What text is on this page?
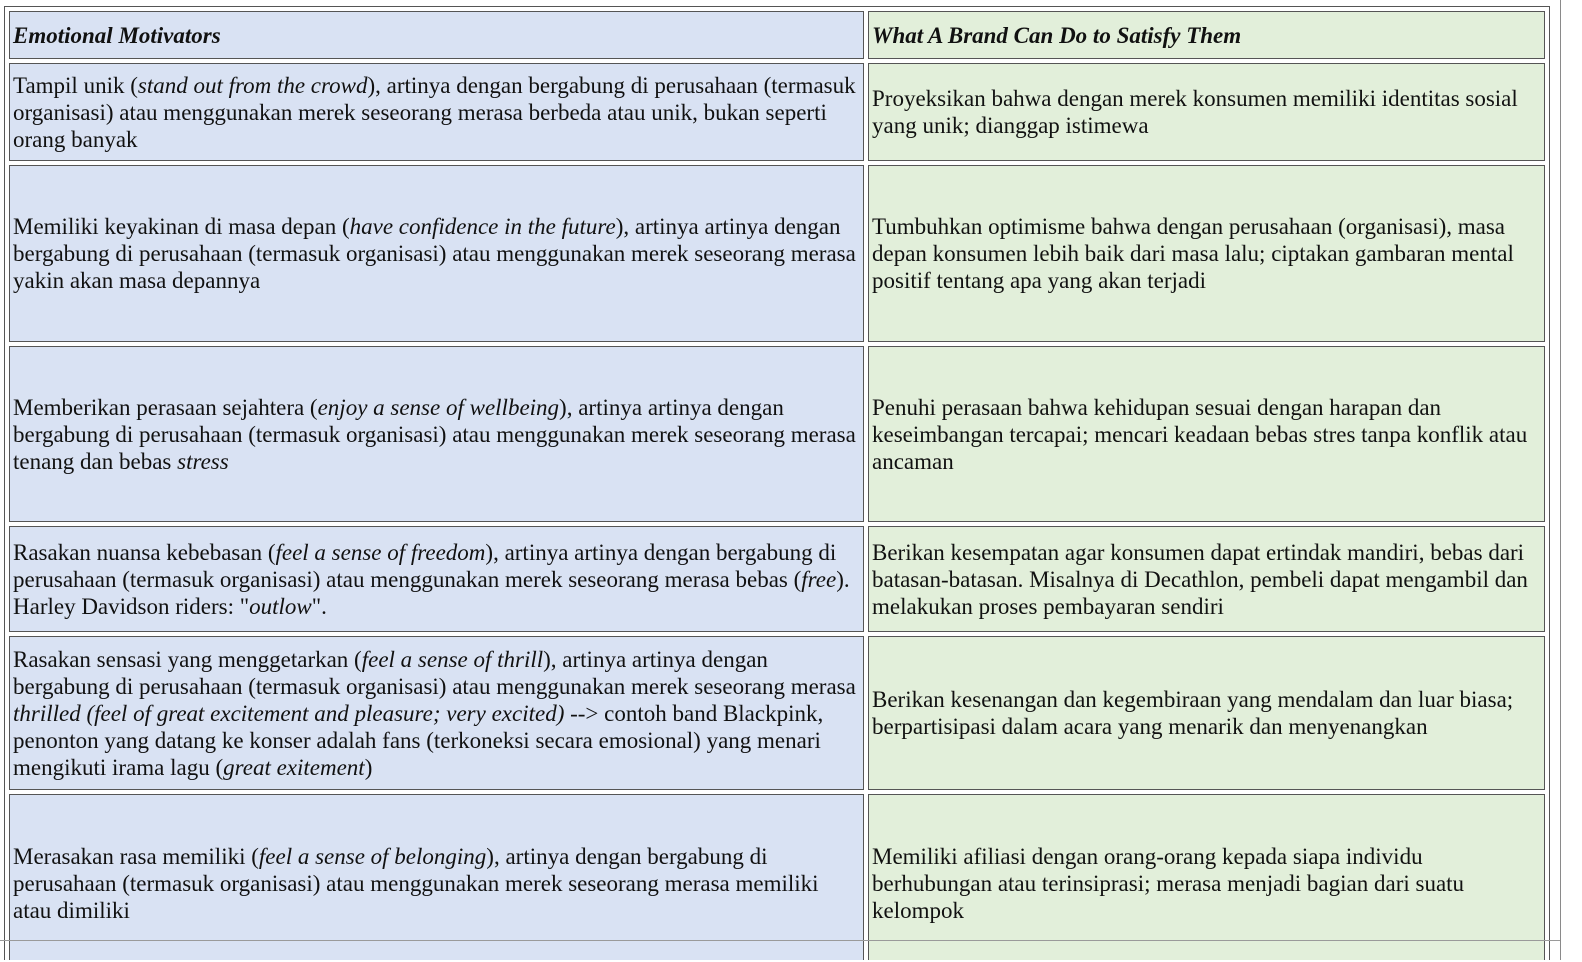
Emotional Motivators	What A Brand Can Do to Satisfy Them
Tampil unik (stand out from the crowd), artinya dengan bergabung di perusahaan (termasuk organisasi) atau menggunakan merek seseorang merasa berbeda atau unik, bukan seperti orang banyak	Proyeksikan bahwa dengan merek konsumen memiliki identitas sosial yang unik; dianggap istimewa
Memiliki keyakinan di masa depan (have confidence in the future), artinya artinya dengan bergabung di perusahaan (termasuk organisasi) atau menggunakan merek seseorang merasa yakin akan masa depannya	Tumbuhkan optimisme bahwa dengan perusahaan (organisasi), masa depan konsumen lebih baik dari masa lalu; ciptakan gambaran mental positif tentang apa yang akan terjadi
Memberikan perasaan sejahtera (enjoy a sense of wellbeing), artinya artinya dengan bergabung di perusahaan (termasuk organisasi) atau menggunakan merek seseorang merasa tenang dan bebas stress	Penuhi perasaan bahwa kehidupan sesuai dengan harapan dan keseimbangan tercapai; mencari keadaan bebas stres tanpa konflik atau ancaman
Rasakan nuansa kebebasan (feel a sense of freedom), artinya artinya dengan bergabung di perusahaan (termasuk organisasi) atau menggunakan merek seseorang merasa bebas (free). Harley Davidson riders: "outlow".	Berikan kesempatan agar konsumen dapat ertindak mandiri, bebas dari batasan-batasan. Misalnya di Decathlon, pembeli dapat mengambil dan melakukan proses pembayaran sendiri
Rasakan sensasi yang menggetarkan (feel a sense of thrill), artinya artinya dengan bergabung di perusahaan (termasuk organisasi) atau menggunakan merek seseorang merasa thrilled (feel of great excitement and pleasure; very excited) --> contoh band Blackpink, penonton yang datang ke konser adalah fans (terkoneksi secara emosional) yang menari mengikuti irama lagu (great exitement)	Berikan kesenangan dan kegembiraan yang mendalam dan luar biasa; berpartisipasi dalam acara yang menarik dan menyenangkan
Merasakan rasa memiliki (feel a sense of belonging), artinya dengan bergabung di perusahaan (termasuk organisasi) atau menggunakan merek seseorang merasa memiliki atau dimiliki	Memiliki afiliasi dengan orang-orang kepada siapa individu berhubungan atau terinsiprasi; merasa menjadi bagian dari suatu kelompok
